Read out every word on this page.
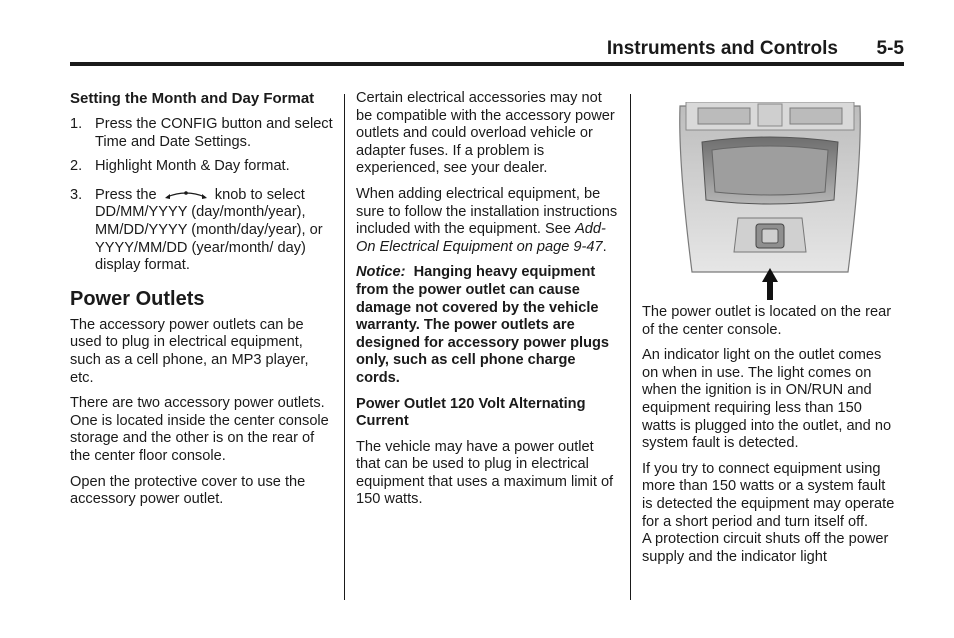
Instruments and Controls 5-5
Setting the Month and Day Format
1. Press the CONFIG button and select Time and Date Settings.
2. Highlight Month & Day format.
3. Press the	knob to select DD/MM/YYYY (day/month/year), MM/DD/YYYY (month/day/year), or YYYY/MM/DD (year/month/ day) display format.
Power Outlets

The accessory power outlets can be used to plug in electrical equipment, such as a cell phone, an MP3 player, etc.

There are two accessory power outlets. One is located inside the center console storage and the other is on the rear of the center floor console.

Open the protective cover to use the accessory power outlet.

Certain electrical accessories may not be compatible with the accessory power outlets and could overload vehicle or adapter fuses. If a problem is experienced, see your dealer.

When adding electrical equipment, be sure to follow the installation instructions included with the equipment. See Add-On Electrical Equipment on page 9-47.

Notice: Hanging heavy equipment from the power outlet can cause damage not covered by the vehicle warranty. The power outlets are designed for accessory power plugs only, such as cell phone charge cords.

Power Outlet 120 Volt Alternating Current

The vehicle may have a power outlet that can be used to plug in electrical equipment that uses a maximum limit of 150 watts.

The power outlet is located on the rear of the center console.

An indicator light on the outlet comes on when in use. The light comes on when the ignition is in ON/RUN and equipment requiring less than 150 watts is plugged into the outlet, and no system fault is detected.

If you try to connect equipment using more than 150 watts or a system fault is detected the equipment may operate for a short period and turn itself off.

A protection circuit shuts off the power supply and the indicator light
